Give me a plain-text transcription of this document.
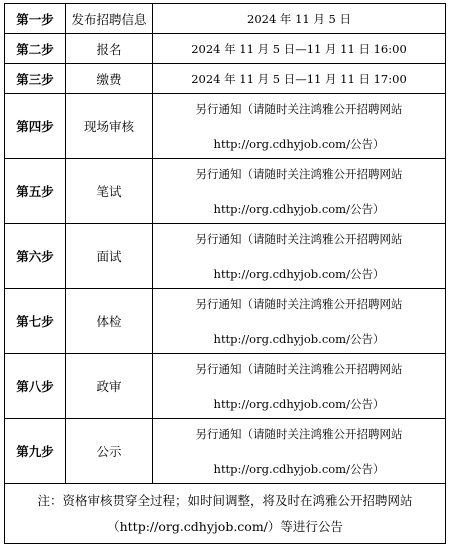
第一步	发布招聘信息	2024 年 11 月 5 日

第二步	报名	2024 年 11 月 5 日—11 月 11 日 16:00

第三步	缴费	2024 年 11 月 5 日—11 月 11 日 17:00

第四步	现场审核	另行通知（请随时关注鸿雅公开招聘网站
http://org.cdhyjob.com/公告）

第五步	笔试	另行通知（请随时关注鸿雅公开招聘网站
http://org.cdhyjob.com/公告）

第六步	面试	另行通知（请随时关注鸿雅公开招聘网站
http://org.cdhyjob.com/公告）

第七步	体检	另行通知（请随时关注鸿雅公开招聘网站
http://org.cdhyjob.com/公告）

第八步	政审	另行通知（请随时关注鸿雅公开招聘网站
http://org.cdhyjob.com/公告）

第九步	公示	另行通知（请随时关注鸿雅公开招聘网站
http://org.cdhyjob.com/公告）

注：资格审核贯穿全过程；如时间调整，将及时在鸿雅公开招聘网站
（http://org.cdhyjob.com/）等进行公告		
